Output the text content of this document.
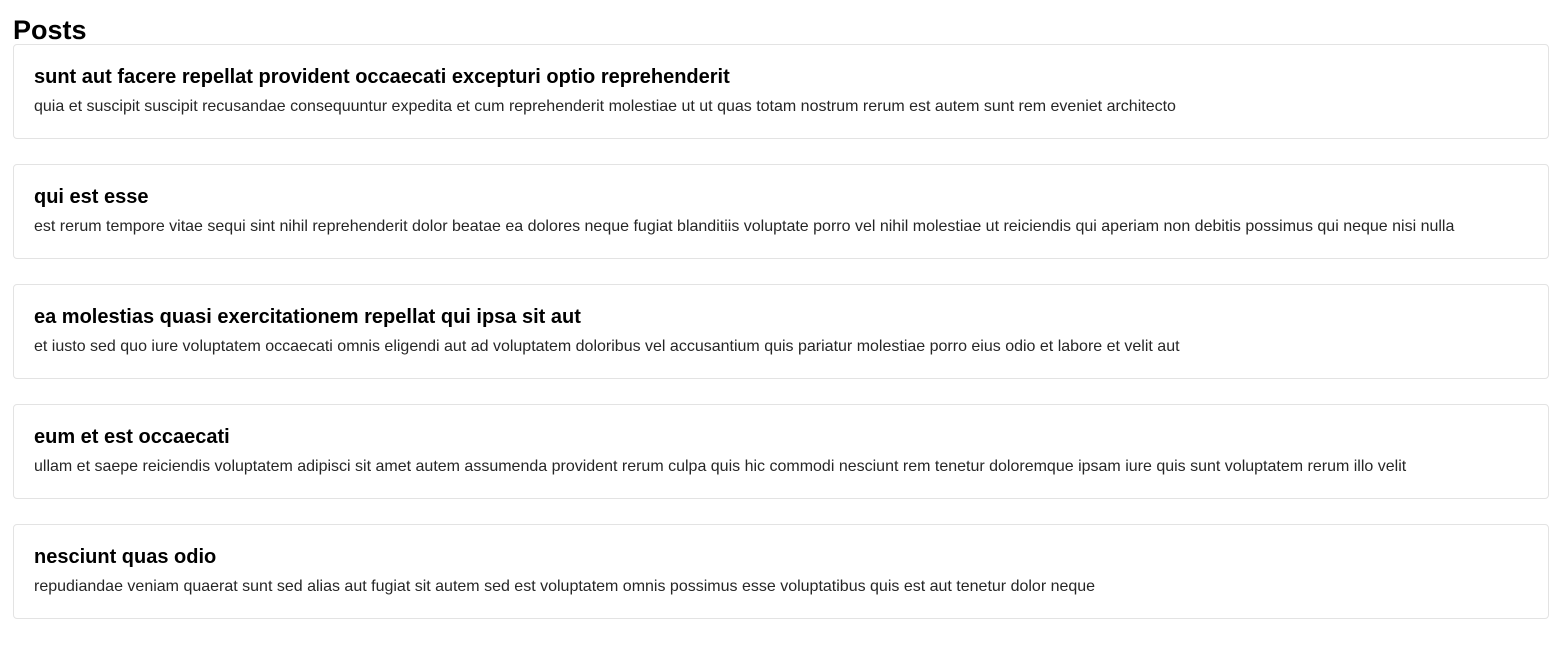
Posts
sunt aut facere repellat provident occaecati excepturi optio reprehenderit

quia et suscipit suscipit recusandae consequuntur expedita et cum reprehenderit molestiae ut ut quas totam nostrum rerum est autem sunt rem eveniet architecto

qui est esse

est rerum tempore vitae sequi sint nihil reprehenderit dolor beatae ea dolores neque fugiat blanditiis voluptate porro vel nihil molestiae ut reiciendis qui aperiam non debitis possimus qui neque nisi nulla

ea molestias quasi exercitationem repellat qui ipsa sit aut

et iusto sed quo iure voluptatem occaecati omnis eligendi aut ad voluptatem doloribus vel accusantium quis pariatur molestiae porro eius odio et labore et velit aut

eum et est occaecati

ullam et saepe reiciendis voluptatem adipisci sit amet autem assumenda provident rerum culpa quis hic commodi nesciunt rem tenetur doloremque ipsam iure quis sunt voluptatem rerum illo velit

nesciunt quas odio

repudiandae veniam quaerat sunt sed alias aut fugiat sit autem sed est voluptatem omnis possimus esse voluptatibus quis est aut tenetur dolor neque
